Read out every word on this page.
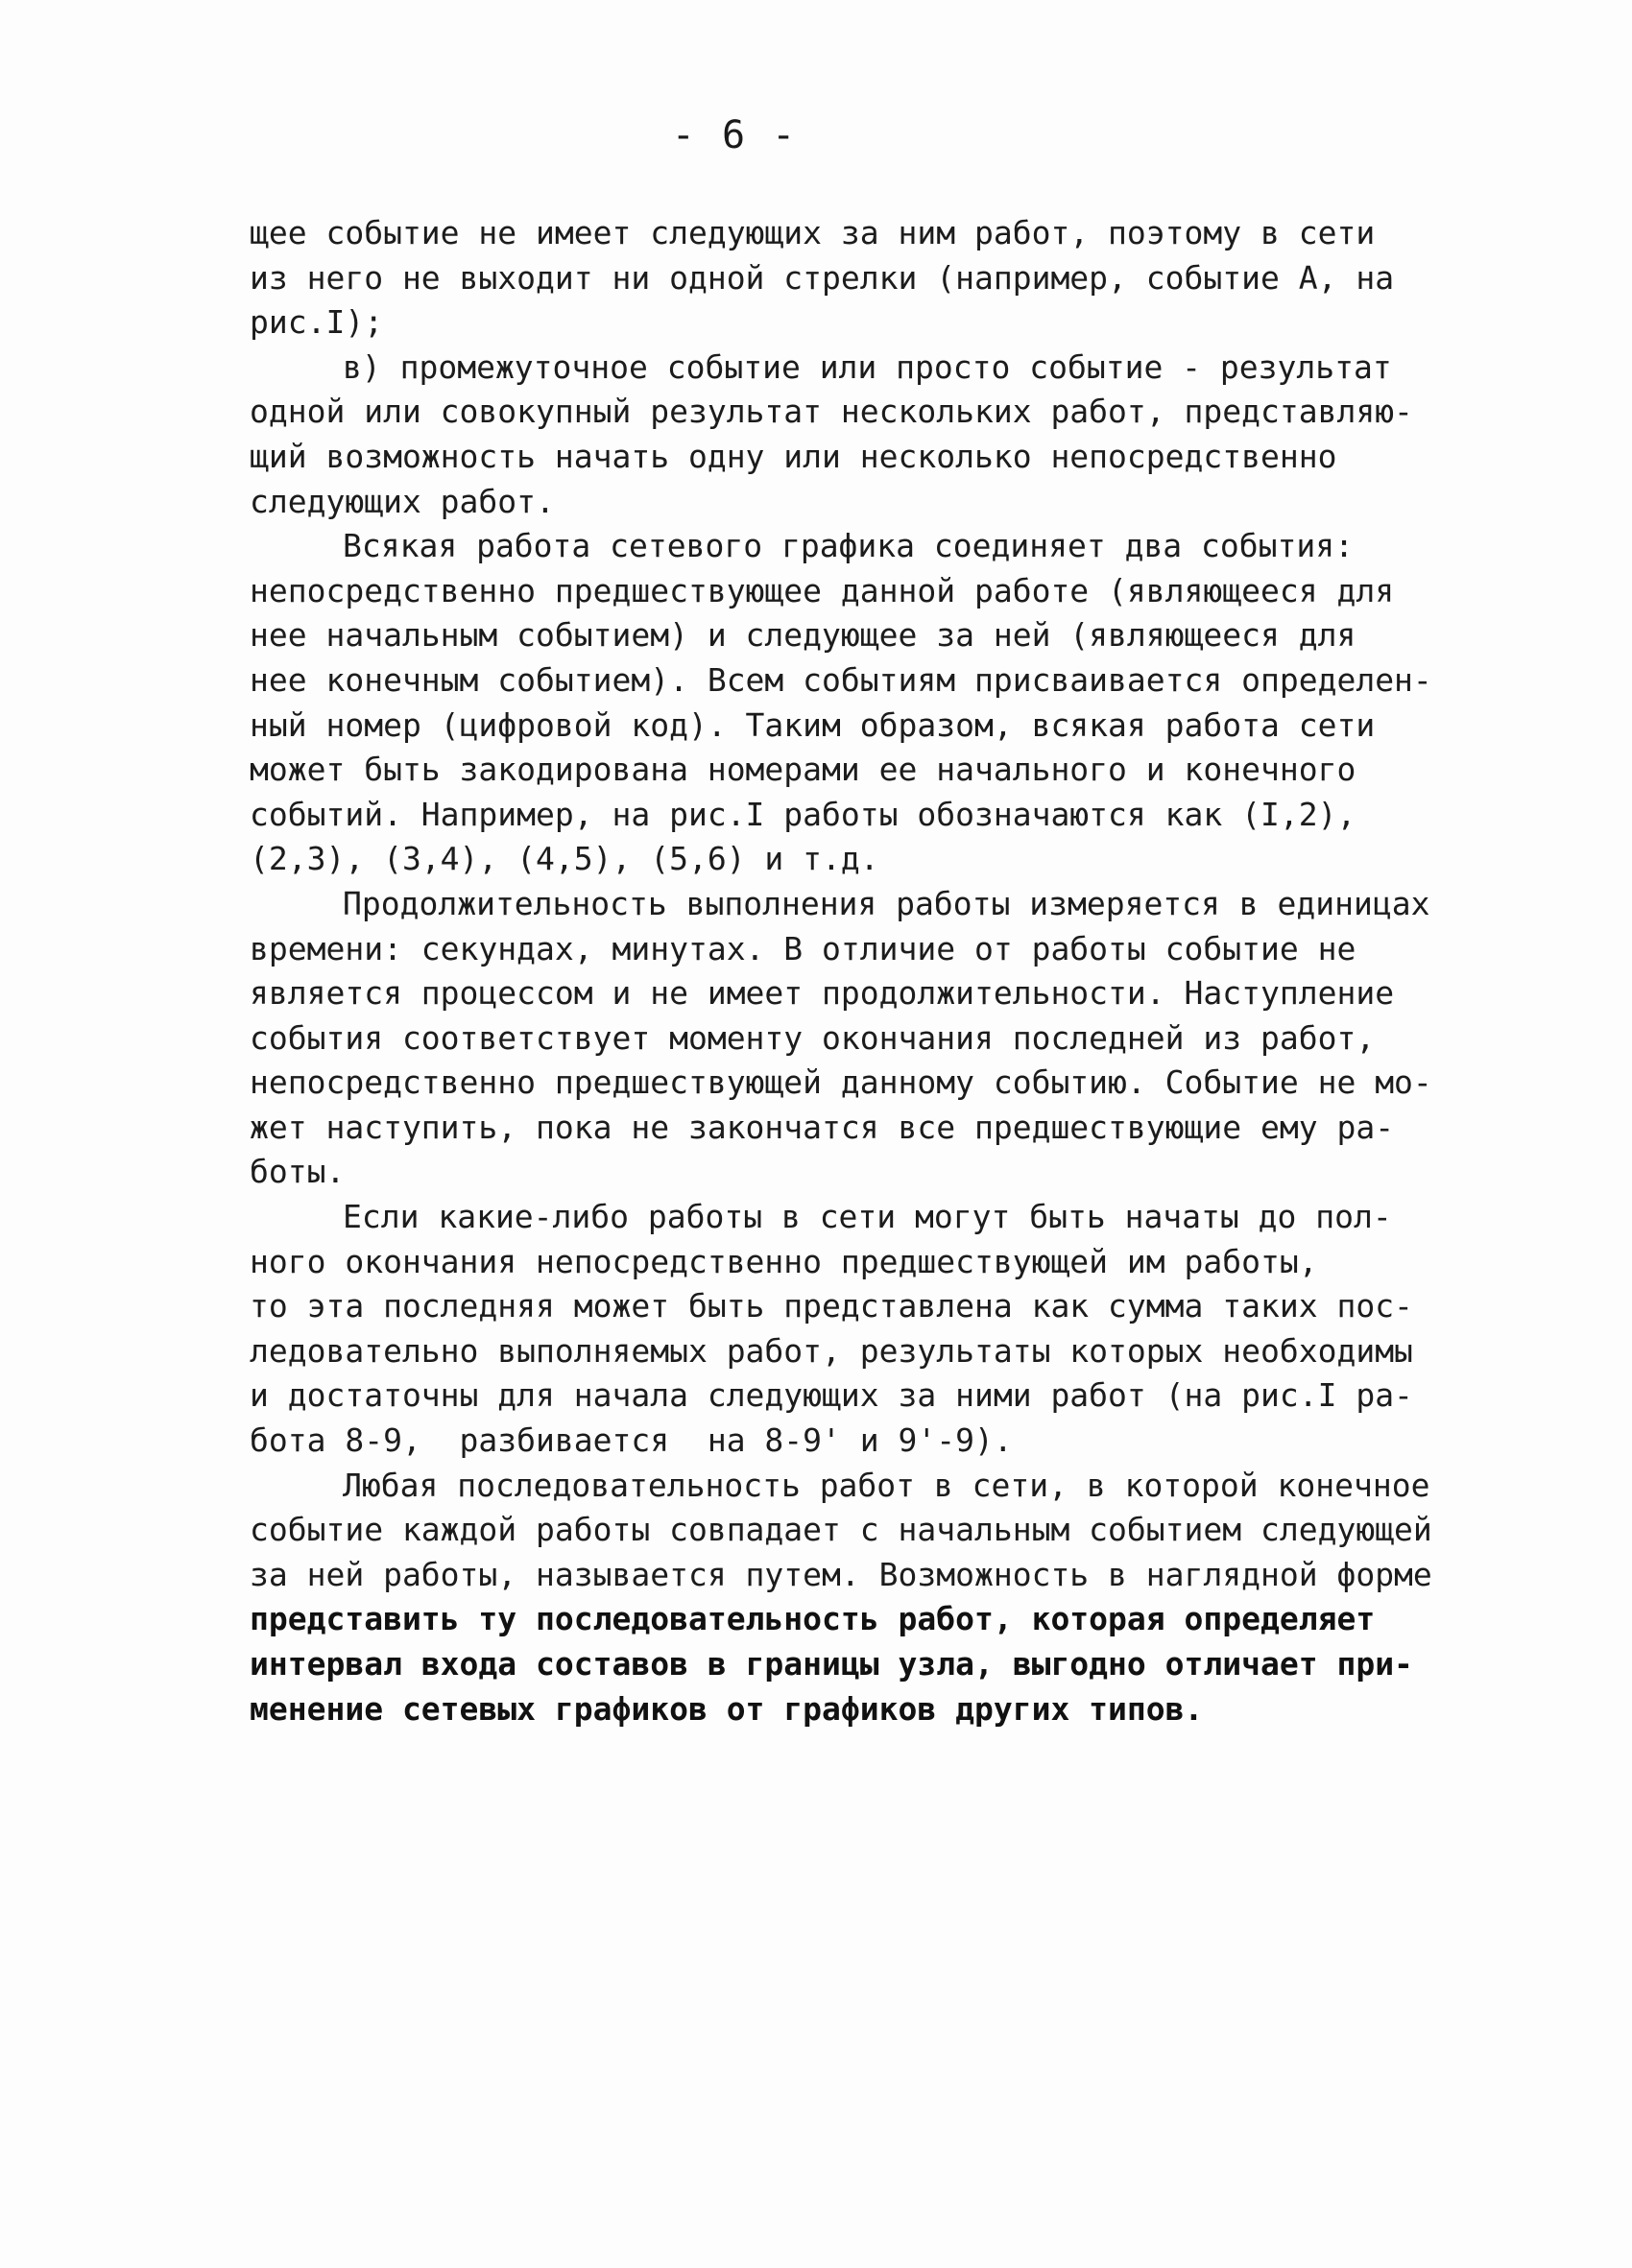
- 6 -
щее событие не имеет следующих за ним работ, поэтому в сети
из него не выходит ни одной стрелки (например, событие А, на
рис.I);
в) промежуточное событие или просто событие - результат
одной или совокупный результат нескольких работ, представляю-
щий возможность начать одну или несколько непосредственно
следующих работ.
Всякая работа сетевого графика соединяет два события:
непосредственно предшествующее данной работе (являющееся для
нее начальным событием) и следующее за ней (являющееся для
нее конечным событием). Всем событиям присваивается определен-
ный номер (цифровой код). Таким образом, всякая работа сети
может быть закодирована номерами ее начального и конечного
событий. Например, на рис.I работы обозначаются как (I,2),
(2,3), (3,4), (4,5), (5,6) и т.д.
Продолжительность выполнения работы измеряется в единицах
времени: секундах, минутах. В отличие от работы событие не
является процессом и не имеет продолжительности. Наступление
события соответствует моменту окончания последней из работ,
непосредственно предшествующей данному событию. Событие не мо-
жет наступить, пока не закончатся все предшествующие ему ра-
боты.
Если какие-либо работы в сети могут быть начаты до пол-
ного окончания непосредственно предшествующей им работы,
то эта последняя может быть представлена как сумма таких пос-
ледовательно выполняемых работ, результаты которых необходимы
и достаточны для начала следующих за ними работ (на рис.I ра-
бота 8-9,  разбивается  на 8-9' и 9'-9).
Любая последовательность работ в сети, в которой конечное
событие каждой работы совпадает с начальным событием следующей
за ней работы, называется путем. Возможность в наглядной форме
представить ту последовательность работ, которая определяет
интервал входа составов в границы узла, выгодно отличает при-
менение сетевых графиков от графиков других типов.
